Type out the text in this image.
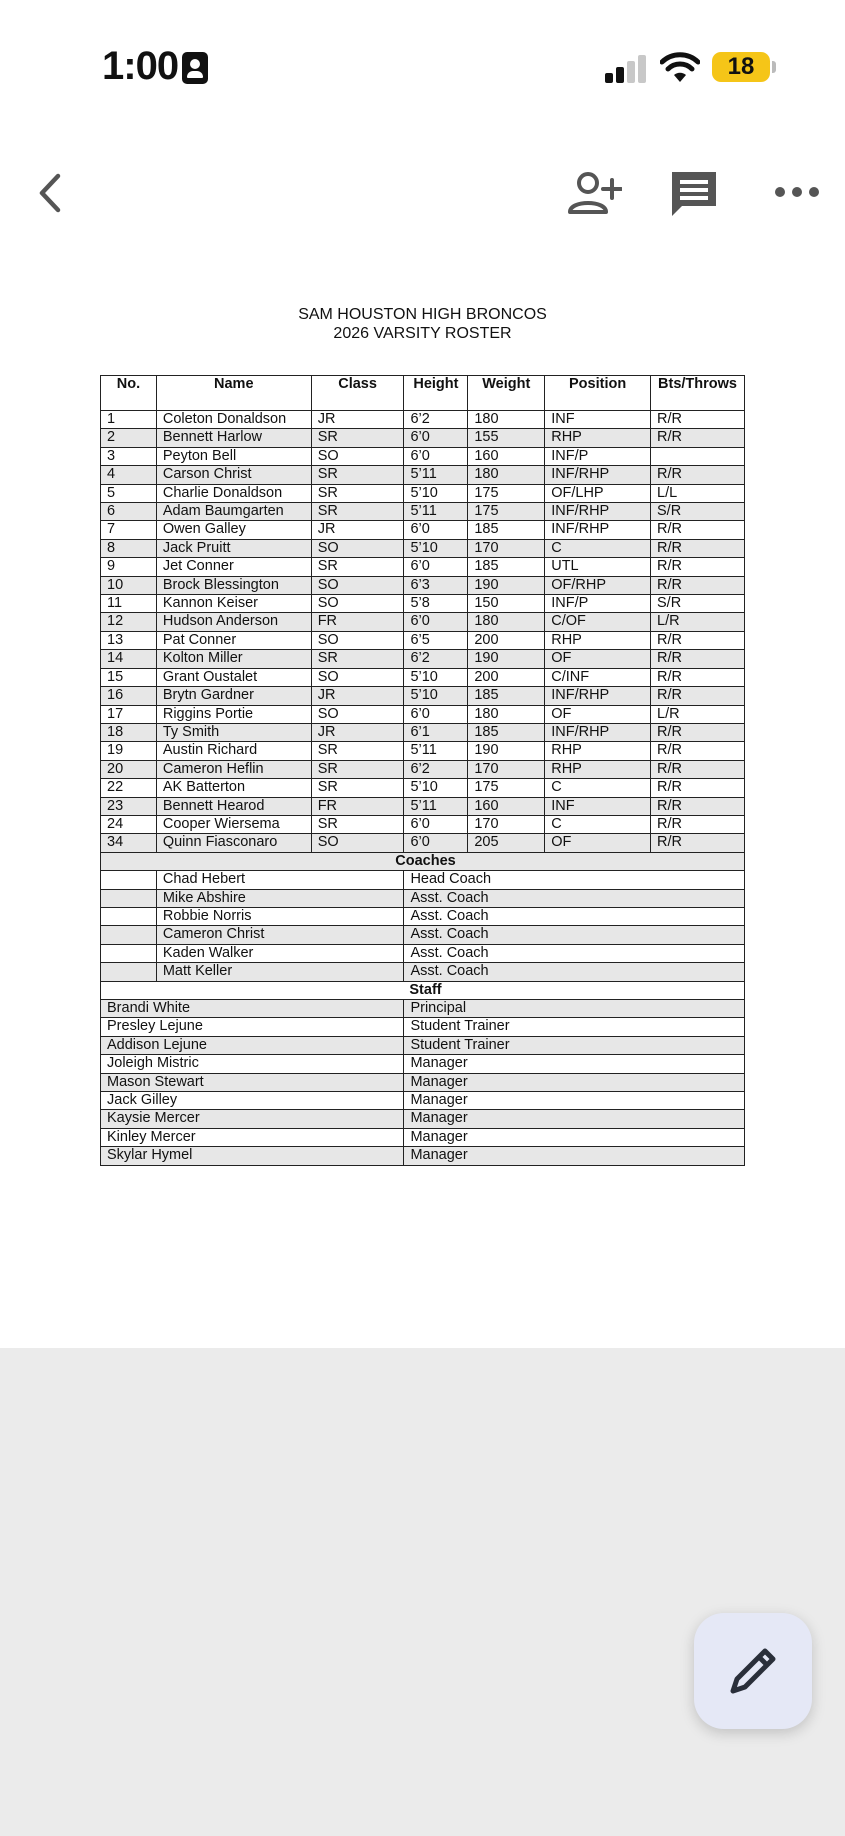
1:00	18
SAM HOUSTON HIGH BRONCOS
2026 VARSITY ROSTER
No.	Name	Class	Height	Weight	Position	Bts/Throws
1	Coleton Donaldson	JR	6’2	180	INF	R/R
2	Bennett Harlow	SR	6’0	155	RHP	R/R
3	Peyton Bell	SO	6’0	160	INF/P	
4	Carson Christ	SR	5’11	180	INF/RHP	R/R
5	Charlie Donaldson	SR	5’10	175	OF/LHP	L/L
6	Adam Baumgarten	SR	5’11	175	INF/RHP	S/R
7	Owen Galley	JR	6’0	185	INF/RHP	R/R
8	Jack Pruitt	SO	5’10	170	C	R/R
9	Jet Conner	SR	6’0	185	UTL	R/R
10	Brock Blessington	SO	6’3	190	OF/RHP	R/R
11	Kannon Keiser	SO	5’8	150	INF/P	S/R
12	Hudson Anderson	FR	6’0	180	C/OF	L/R
13	Pat Conner	SO	6’5	200	RHP	R/R
14	Kolton Miller	SR	6’2	190	OF	R/R
15	Grant Oustalet	SO	5’10	200	C/INF	R/R
16	Brytn Gardner	JR	5’10	185	INF/RHP	R/R
17	Riggins Portie	SO	6’0	180	OF	L/R
18	Ty Smith	JR	6’1	185	INF/RHP	R/R
19	Austin Richard	SR	5’11	190	RHP	R/R
20	Cameron Heflin	SR	6’2	170	RHP	R/R
22	AK Batterton	SR	5’10	175	C	R/R
23	Bennett Hearod	FR	5’11	160	INF	R/R
24	Cooper Wiersema	SR	6’0	170	C	R/R
34	Quinn Fiasconaro	SO	6’0	205	OF	R/R
Coaches						
	Chad Hebert		Head Coach			
	Mike Abshire		Asst. Coach			
	Robbie Norris		Asst. Coach			
	Cameron Christ		Asst. Coach			
	Kaden Walker		Asst. Coach			
	Matt Keller		Asst. Coach			
Staff						
Brandi White			Principal			
Presley Lejune			Student Trainer			
Addison Lejune			Student Trainer			
Joleigh Mistric			Manager			
Mason Stewart			Manager			
Jack Gilley			Manager			
Kaysie Mercer			Manager			
Kinley Mercer			Manager			
Skylar Hymel			Manager			
